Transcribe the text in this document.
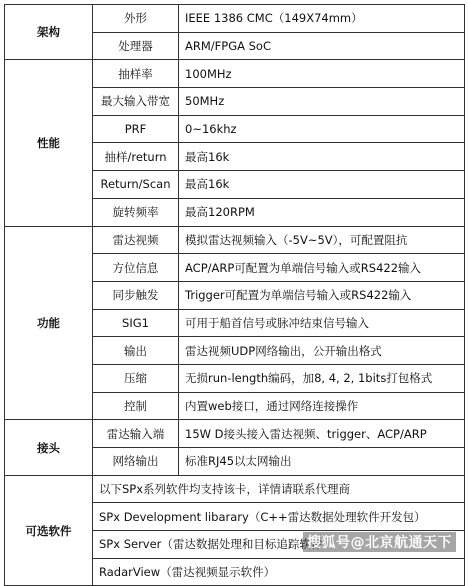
架构	外形	IEEE 1386 CMC（149X74mm）
	处理器	ARM/FPGA SoC
性能	抽样率	100MHz
	最大输入带宽	50MHz
	PRF	0~16khz
	抽样/return	最高16k
	Return/Scan	最高16k
	旋转频率	最高120RPM
功能	雷达视频	模拟雷达视频输入（-5V~5V），可配置阻抗
	方位信息	ACP/ARP可配置为单端信号输入或RS422输入
	同步触发	Trigger可配置为单端信号输入或RS422输入
	SIG1	可用于船首信号或脉冲结束信号输入
	输出	雷达视频UDP网络输出，公开输出格式
	压缩	无损run-length编码，加8, 4, 2, 1bits打包格式
	控制	内置web接口，通过网络连接操作
接头	雷达输入端	15W D接头接入雷达视频、trigger、ACP/ARP
	网络输出	标准RJ45以太网输出
可选软件	以下SPx系列软件均支持该卡，详情请联系代理商	
	SPx Development libarary（C++雷达数据处理软件开发包）	
	SPx Server（雷达数据处理和目标追踪软件）	
	RadarView（雷达视频显示软件）	
搜狐号@北京航通天下
